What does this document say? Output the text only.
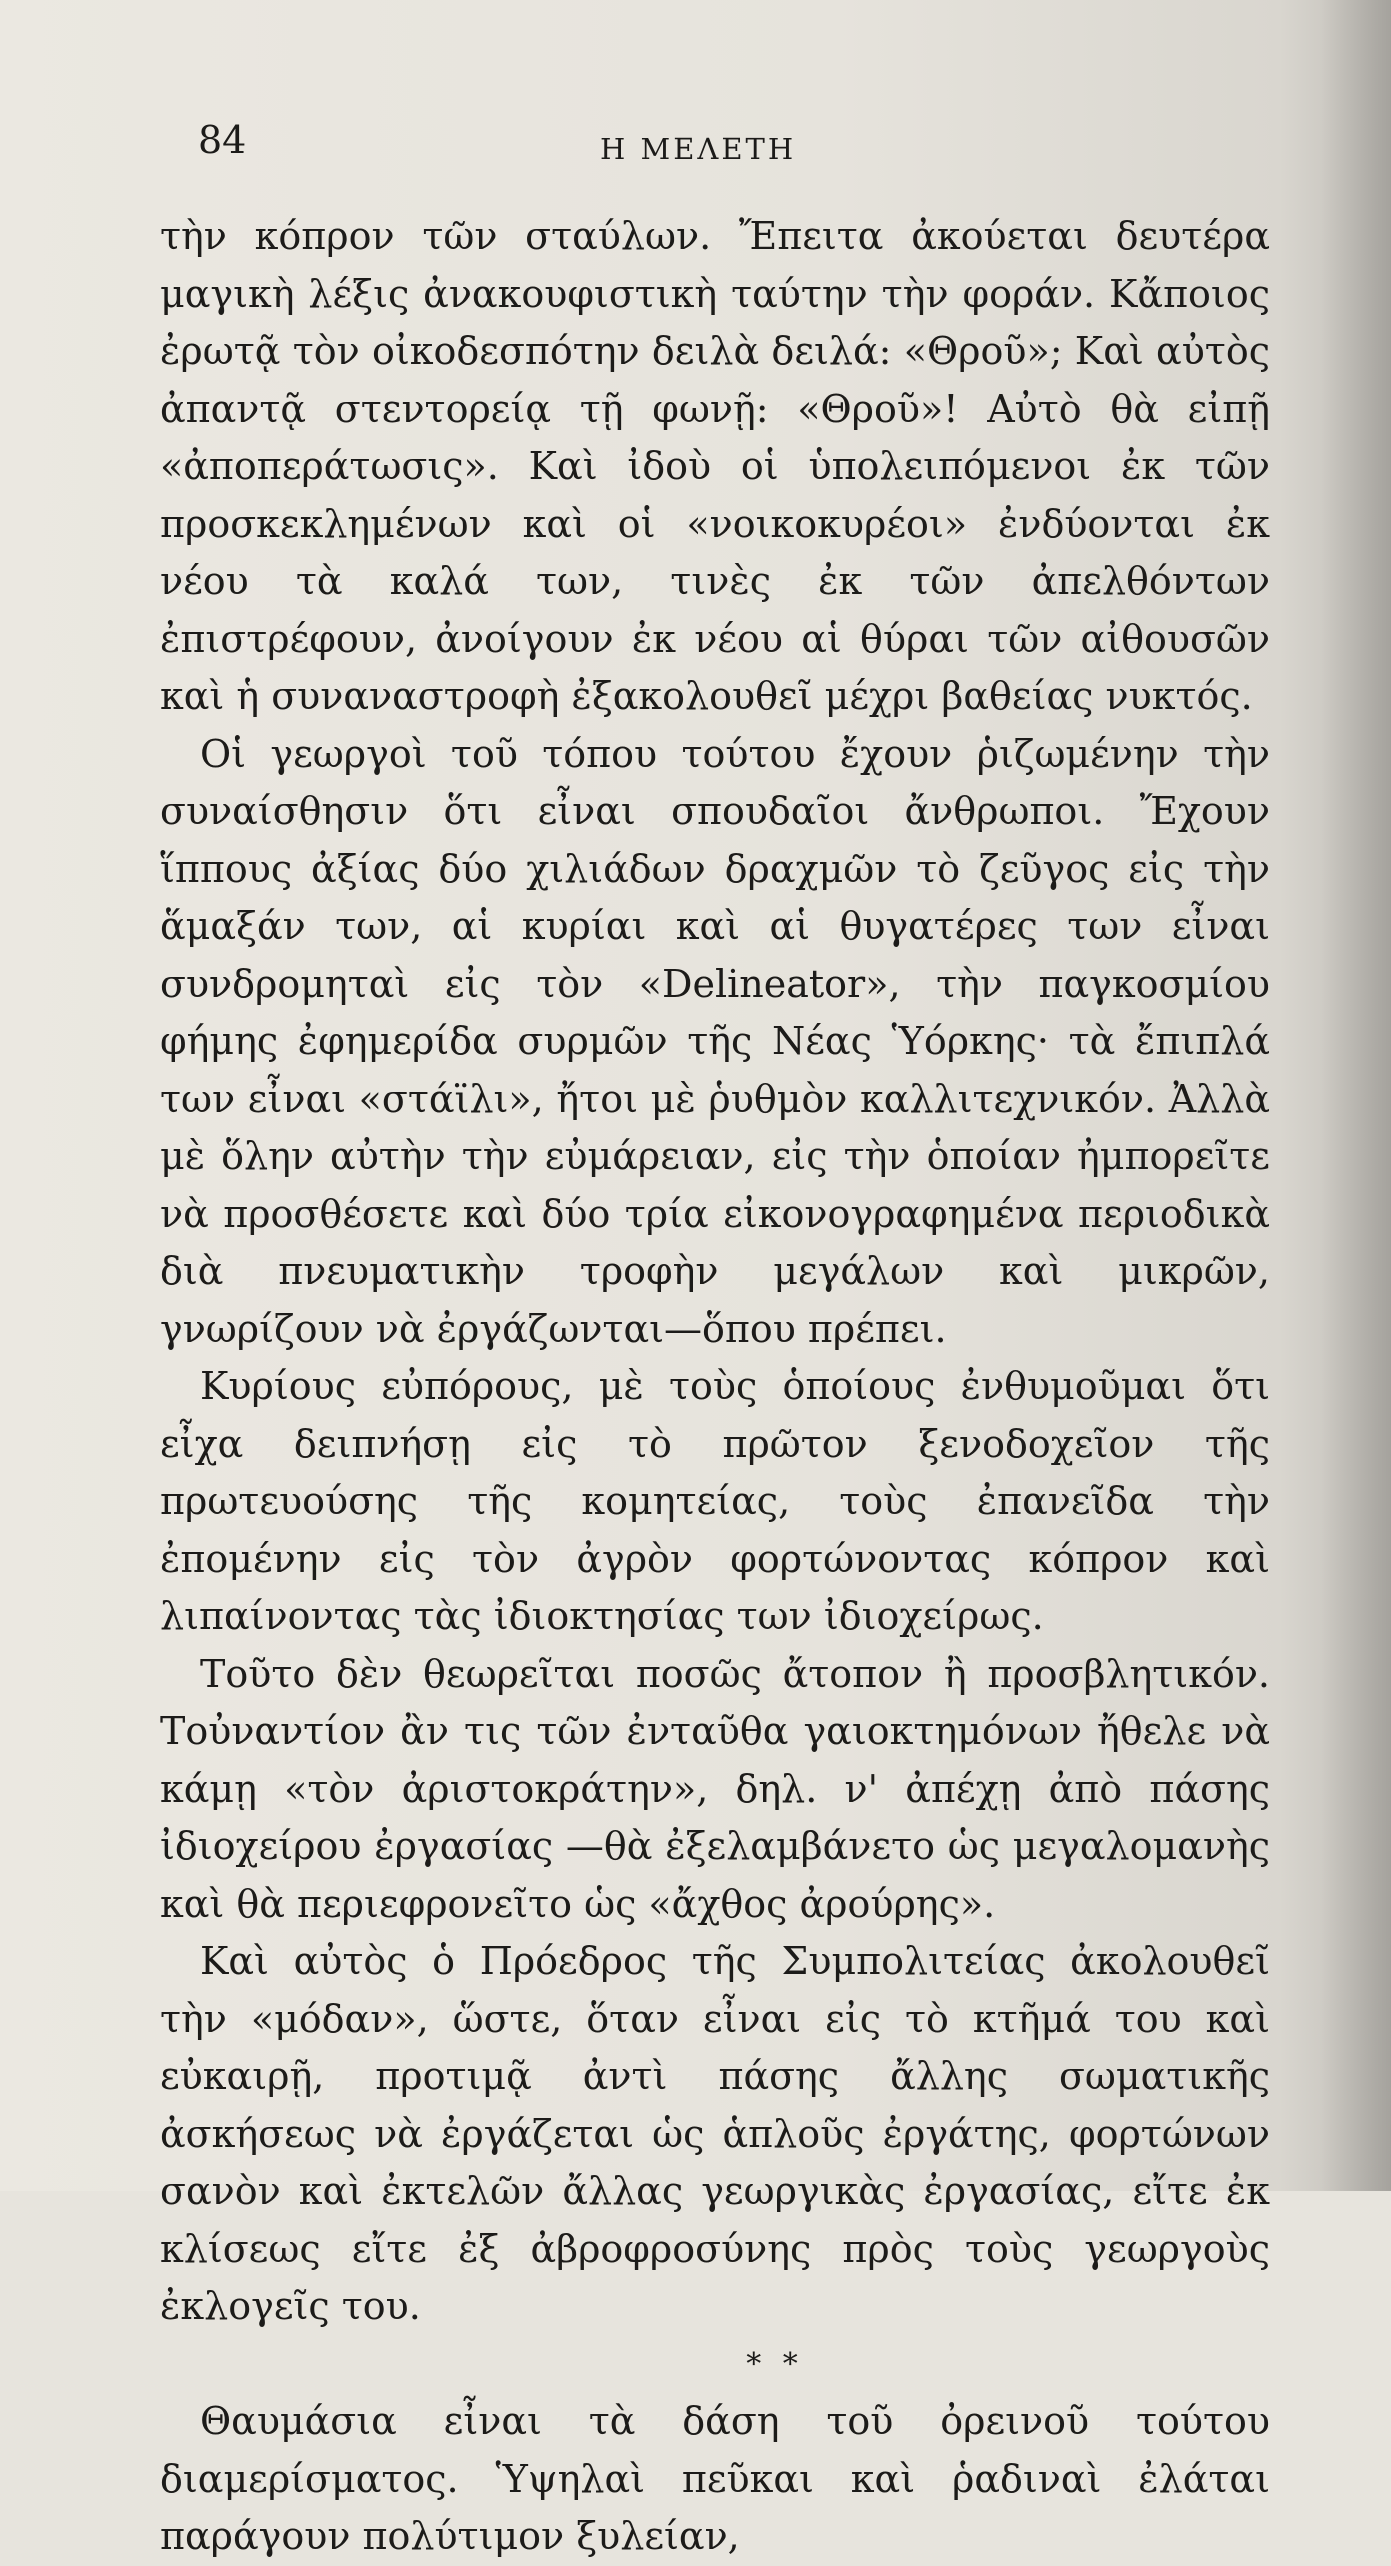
84	Η ΜΕΛΕΤΗ

τὴν κόπρον τῶν σταύλων. Ἔπειτα ἀκούεται δευτέρα μαγικὴ λέξις ἀνακουφιστικὴ ταύτην τὴν φοράν. Κἄποιος ἐρωτᾷ τὸν οἰκοδεσπότην δειλὰ δειλά: «Θροῦ»; Καὶ αὐτὸς ἀπαντᾷ στεντορείᾳ τῇ φωνῇ: «Θροῦ»! Αὐτὸ θὰ εἰπῇ «ἀποπεράτωσις». Καὶ ἰδοὺ οἱ ὑπολειπόμενοι ἐκ τῶν προσκεκλημένων καὶ οἱ «νοικοκυρέοι» ἐνδύονται ἐκ νέου τὰ καλά των, τινὲς ἐκ τῶν ἀπελθόντων ἐπιστρέφουν, ἀνοίγουν ἐκ νέου αἱ θύραι τῶν αἰθουσῶν καὶ ἡ συναναστροφὴ ἐξακολουθεῖ μέχρι βαθείας νυκτός.

Οἱ γεωργοὶ τοῦ τόπου τούτου ἔχουν ῥιζωμένην τὴν συναίσθησιν ὅτι εἶναι σπουδαῖοι ἄνθρωποι. Ἔχουν ἵππους ἀξίας δύο χιλιάδων δραχμῶν τὸ ζεῦγος εἰς τὴν ἅμαξάν των, αἱ κυρίαι καὶ αἱ θυγατέρες των εἶναι συνδρομηταὶ εἰς τὸν «Delineator», τὴν παγκοσμίου φήμης ἐφημερίδα συρμῶν τῆς Νέας Ὑόρκης· τὰ ἔπιπλά των εἶναι «στάϊλι», ἤτοι μὲ ῥυθμὸν καλλιτεχνικόν. Ἀλλὰ μὲ ὅλην αὐτὴν τὴν εὐμάρειαν, εἰς τὴν ὁποίαν ἠμπορεῖτε νὰ προσθέσετε καὶ δύο τρία εἰκονογραφημένα περιοδικὰ διὰ πνευματικὴν τροφὴν μεγάλων καὶ μικρῶν, γνωρίζουν νὰ ἐργάζωνται—ὅπου πρέπει.

Κυρίους εὐπόρους, μὲ τοὺς ὁποίους ἐνθυμοῦμαι ὅτι εἶχα δειπνήσῃ εἰς τὸ πρῶτον ξενοδοχεῖον τῆς πρωτευούσης τῆς κομητείας, τοὺς ἐπανεῖδα τὴν ἐπομένην εἰς τὸν ἀγρὸν φορτώνοντας κόπρον καὶ λιπαίνοντας τὰς ἰδιοκτησίας των ἰδιοχείρως.

Τοῦτο δὲν θεωρεῖται ποσῶς ἄτοπον ἢ προσβλητικόν. Τοὐναντίον ἂν τις τῶν ἐνταῦθα γαιοκτημόνων ἤθελε νὰ κάμῃ «τὸν ἀριστοκράτην», δηλ. ν' ἀπέχῃ ἀπὸ πάσης ἰδιοχείρου ἐργασίας —θὰ ἐξελαμβάνετο ὡς μεγαλομανὴς καὶ θὰ περιεφρονεῖτο ὡς «ἄχθος ἀρούρης».

Καὶ αὐτὸς ὁ Πρόεδρος τῆς Συμπολιτείας ἀκολουθεῖ τὴν «μόδαν», ὥστε, ὅταν εἶναι εἰς τὸ κτῆμά του καὶ εὐκαιρῇ, προτιμᾷ ἀντὶ πάσης ἄλλης σωματικῆς ἀσκήσεως νὰ ἐργάζεται ὡς ἁπλοῦς ἐργάτης, φορτώνων σανὸν καὶ ἐκτελῶν ἄλλας γεωργικὰς ἐργασίας, εἴτε ἐκ κλίσεως εἴτε ἐξ ἀβροφροσύνης πρὸς τοὺς γεωργοὺς ἐκλογεῖς του.

* *

Θαυμάσια εἶναι τὰ δάση τοῦ ὀρεινοῦ τούτου διαμερίσματος. Ὑψηλαὶ πεῦκαι καὶ ῥαδιναὶ ἐλάται παράγουν πολύτιμον ξυλείαν,
